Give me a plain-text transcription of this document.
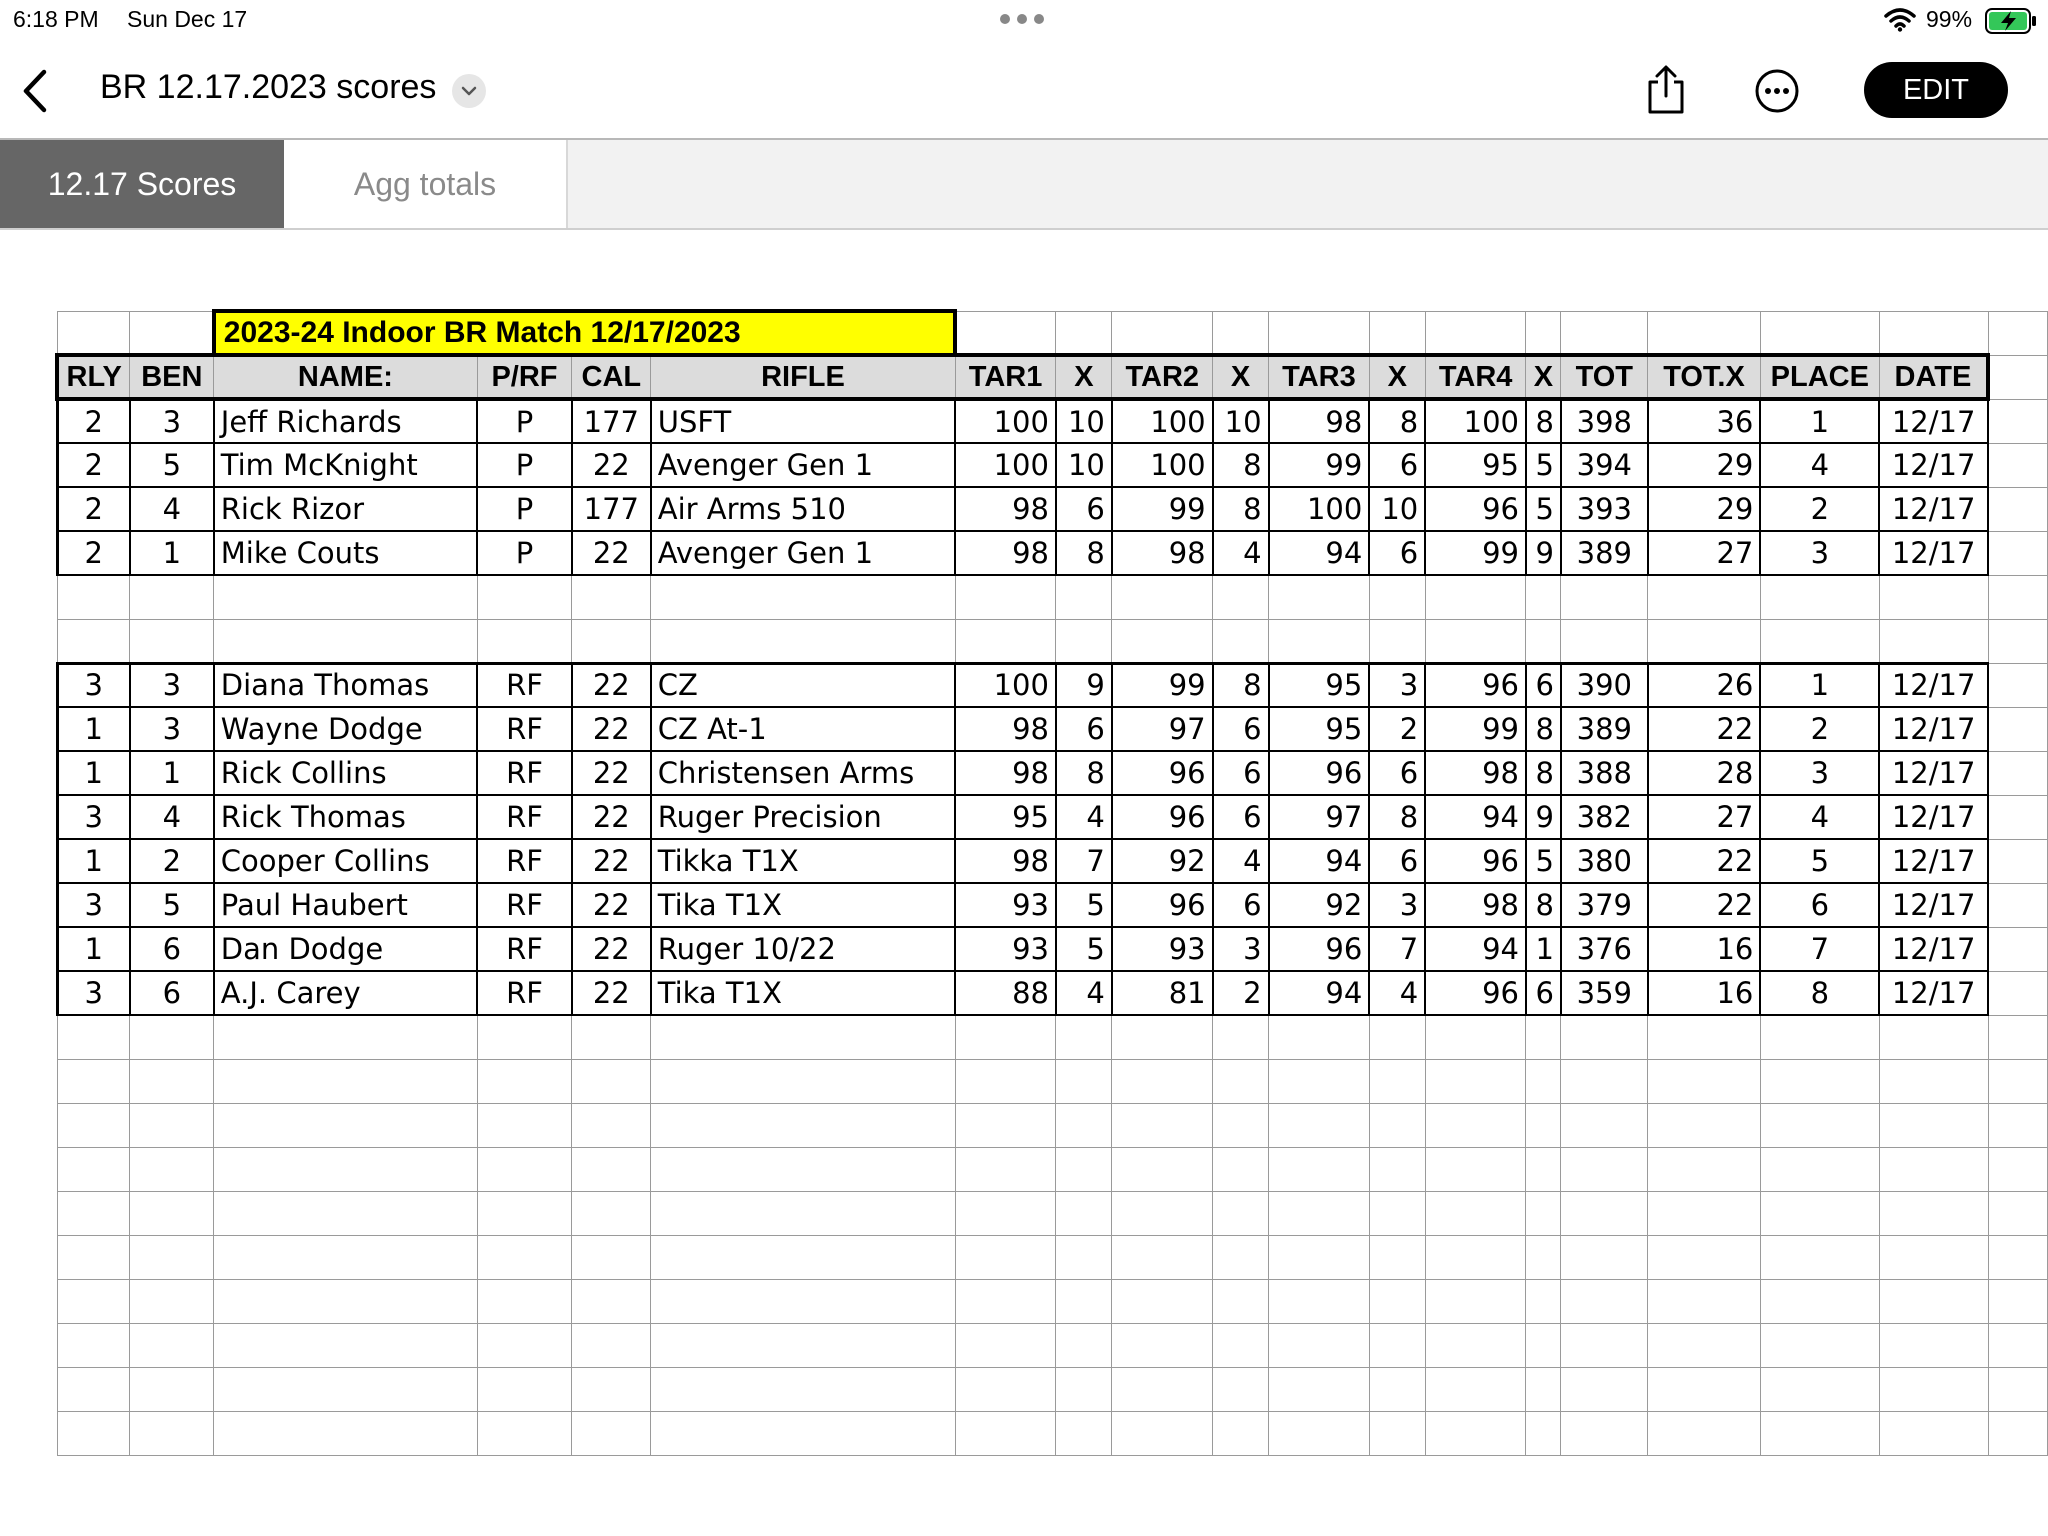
6:18 PM Sun Dec 17	99%
BR 12.17.2023 scores	EDIT
12.17 Scores	Agg totals
		2023-24 Indoor BR Match 12/17/2023																
RLY	BEN	NAME:	P/RF	CAL	RIFLE	TAR1	X	TAR2	X	TAR3	X	TAR4	X	TOT	TOT.X	PLACE	DATE	
2	3	Jeff Richards	P	177	USFT	100	10	100	10	98	8	100	8	398	36	1	12/17	
2	5	Tim McKnight	P	22	Avenger Gen 1	100	10	100	8	99	6	95	5	394	29	4	12/17	
2	4	Rick Rizor	P	177	Air Arms 510	98	6	99	8	100	10	96	5	393	29	2	12/17	
2	1	Mike Couts	P	22	Avenger Gen 1	98	8	98	4	94	6	99	9	389	27	3	12/17	

3	3	Diana Thomas	RF	22	CZ	100	9	99	8	95	3	96	6	390	26	1	12/17	
1	3	Wayne Dodge	RF	22	CZ At-1	98	6	97	6	95	2	99	8	389	22	2	12/17	
1	1	Rick Collins	RF	22	Christensen Arms	98	8	96	6	96	6	98	8	388	28	3	12/17	
3	4	Rick Thomas	RF	22	Ruger Precision	95	4	96	6	97	8	94	9	382	27	4	12/17	
1	2	Cooper Collins	RF	22	Tikka T1X	98	7	92	4	94	6	96	5	380	22	5	12/17	
3	5	Paul Haubert	RF	22	Tika T1X	93	5	96	6	92	3	98	8	379	22	6	12/17	
1	6	Dan Dodge	RF	22	Ruger 10/22	93	5	93	3	96	7	94	1	376	16	7	12/17	
3	6	A.J. Carey	RF	22	Tika T1X	88	4	81	2	94	4	96	6	359	16	8	12/17	
